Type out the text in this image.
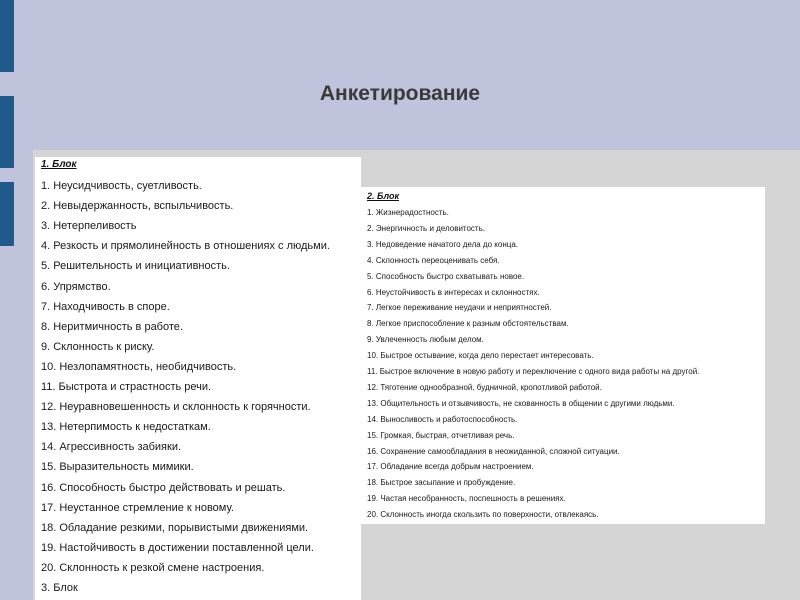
Анкетирование
1. Блок
1. Неусидчивость, суетливость.
2. Невыдержанность, вспыльчивость.
3. Нетерпеливость
4. Резкость и прямолинейность в отношениях с людьми.
5. Решительность и инициативность.
6. Упрямство.
7. Находчивость в споре.
8. Неритмичность в работе.
9. Склонность к риску.
10. Незлопамятность, необидчивость.
11. Быстрота и страстность речи.
12. Неуравновешенность и склонность к горячности.
13. Нетерпимость к недостаткам.
14. Агрессивность забияки.
15. Выразительность мимики.
16. Способность быстро действовать и решать.
17. Неустанное стремление к новому.
18. Обладание резкими, порывистыми движениями.
19. Настойчивость в достижении поставленной цели.
20. Склонность к резкой смене настроения.
3. Блок
2. Блок
1. Жизнерадостность.
2. Энергичность и деловитость.
3. Недоведение начатого дела до конца.
4. Склонность переоценивать себя.
5. Способность быстро схватывать новое.
6. Неустойчивость в интересах и склонностях.
7. Легкое переживание неудачи и неприятностей.
8. Легкое приспособление к разным обстоятельствам.
9. Увлеченность любым делом.
10. Быстрое остывание, когда дело перестает интересовать.
11. Быстрое включение в новую работу и переключение с одного вида работы на другой.
12. Тяготение однообразной, будничной, кропотливой работой.
13. Общительность и отзывчивость, не скованность в общении с другими людьми.
14. Выносливость и работоспособность.
15. Громкая, быстрая, отчетливая речь.
16. Сохранение самообладания в неожиданной, сложной ситуации.
17. Обладание всегда добрым настроением.
18. Быстрое засыпание и пробуждение.
19. Частая несобранность, поспешность в решениях.
20. Склонность иногда скользить по поверхности, отвлекаясь.
